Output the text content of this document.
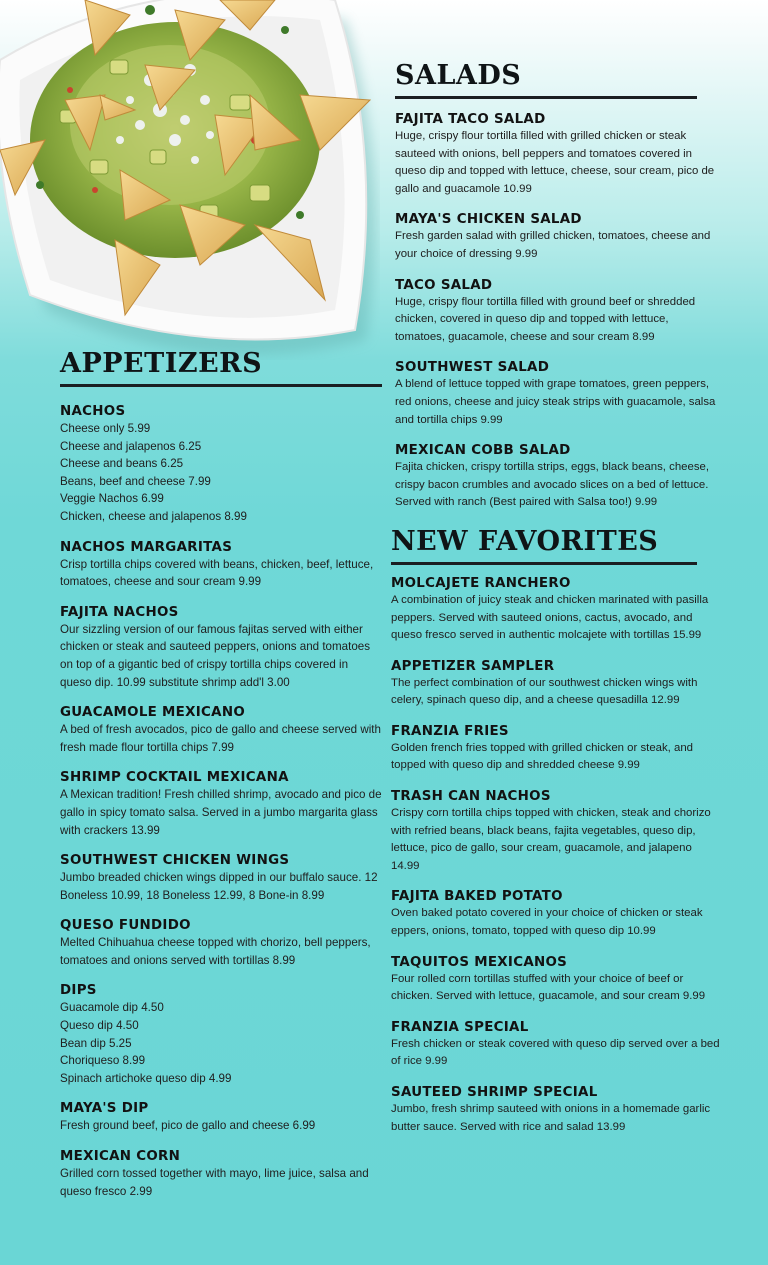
APPETIZERS
NACHOS
Cheese only 5.99
Cheese and jalapenos 6.25
Cheese and beans 6.25
Beans, beef and cheese 7.99
Veggie Nachos 6.99
Chicken, cheese and jalapenos 8.99
NACHOS MARGARITAS
Crisp tortilla chips covered with beans, chicken, beef, lettuce, tomatoes, cheese and sour cream 9.99
FAJITA NACHOS
Our sizzling version of our famous fajitas served with either chicken or steak and sauteed peppers, onions and tomatoes on top of a gigantic bed of crispy tortilla chips covered in queso dip. 10.99 substitute shrimp add'l 3.00
GUACAMOLE MEXICANO
A bed of fresh avocados, pico de gallo and cheese served with fresh made flour tortilla chips 7.99
SHRIMP COCKTAIL MEXICANA
A Mexican tradition! Fresh chilled shrimp, avocado and pico de gallo in spicy tomato salsa. Served in a jumbo margarita glass with crackers 13.99
SOUTHWEST CHICKEN WINGS
Jumbo breaded chicken wings dipped in our buffalo sauce. 12 Boneless 10.99, 18 Boneless 12.99, 8 Bone-in 8.99
QUESO FUNDIDO
Melted Chihuahua cheese topped with chorizo, bell peppers, tomatoes and onions served with tortillas 8.99
DIPS
Guacamole dip 4.50
Queso dip 4.50
Bean dip 5.25
Choriqueso 8.99
Spinach artichoke queso dip 4.99
MAYA'S DIP
Fresh ground beef, pico de gallo and cheese 6.99
MEXICAN CORN
Grilled corn tossed together with mayo, lime juice, salsa and queso fresco 2.99
SALADS
FAJITA TACO SALAD
Huge, crispy flour tortilla filled with grilled chicken or steak sauteed with onions, bell peppers and tomatoes covered in queso dip and topped with lettuce, cheese, sour cream, pico de gallo and guacamole 10.99
MAYA'S CHICKEN SALAD
Fresh garden salad with grilled chicken, tomatoes, cheese and your choice of dressing 9.99
TACO SALAD
Huge, crispy flour tortilla filled with ground beef or shredded chicken, covered in queso dip and topped with lettuce, tomatoes, guacamole, cheese and sour cream 8.99
SOUTHWEST SALAD
A blend of lettuce topped with grape tomatoes, green peppers, red onions, cheese and juicy steak strips with guacamole, salsa and tortilla chips 9.99
MEXICAN COBB SALAD
Fajita chicken, crispy tortilla strips, eggs, black beans, cheese, crispy bacon crumbles and avocado slices on a bed of lettuce. Served with ranch (Best paired with Salsa too!) 9.99
NEW FAVORITES
MOLCAJETE RANCHERO
A combination of juicy steak and chicken marinated with pasilla peppers. Served with sauteed onions, cactus, avocado, and queso fresco served in authentic molcajete with tortillas 15.99
APPETIZER SAMPLER
The perfect combination of our southwest chicken wings with celery, spinach queso dip, and a cheese quesadilla 12.99
FRANZIA FRIES
Golden french fries topped with grilled chicken or steak, and topped with queso dip and shredded cheese 9.99
TRASH CAN NACHOS
Crispy corn tortilla chips topped with chicken, steak and chorizo with refried beans, black beans, fajita vegetables, queso dip, lettuce, pico de gallo, sour cream, guacamole, and jalapeno 14.99
FAJITA BAKED POTATO
Oven baked potato covered in your choice of chicken or steak eppers, onions, tomato, topped with queso dip 10.99
TAQUITOS MEXICANOS
Four rolled corn tortillas stuffed with your choice of beef or chicken. Served with lettuce, guacamole, and sour cream 9.99
FRANZIA SPECIAL
Fresh chicken or steak covered with queso dip served over a bed of rice 9.99
SAUTEED SHRIMP SPECIAL
Jumbo, fresh shrimp sauteed with onions in a homemade garlic butter sauce. Served with rice and salad 13.99
